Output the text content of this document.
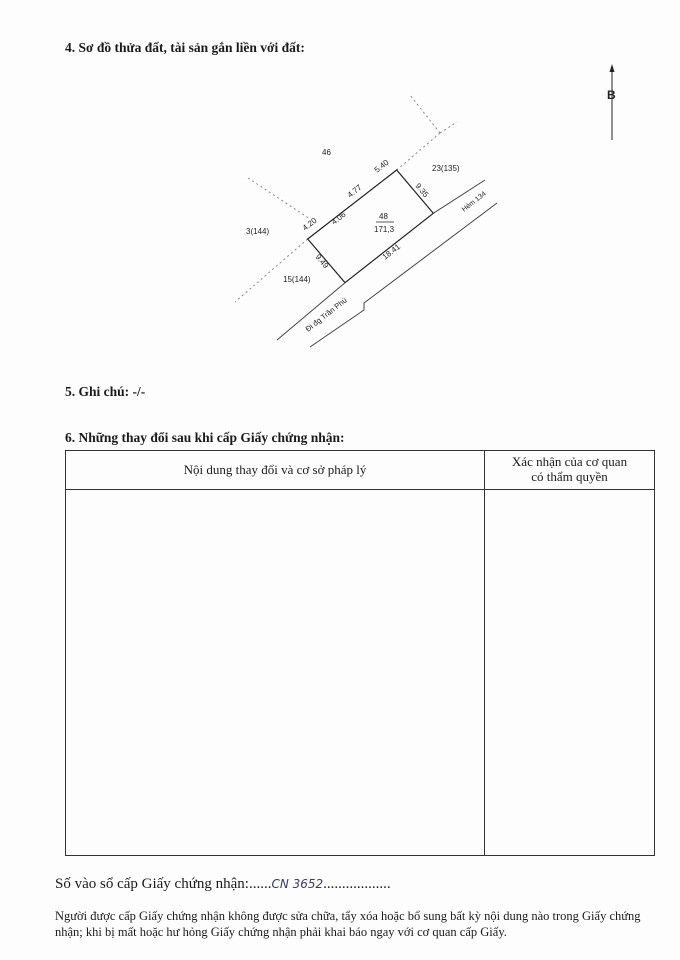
4. Sơ đồ thửa đất, tài sản gắn liền với đất:
B
46
23(135)
3(144)
15(144)
48
171,3
4.20 4.06
4.77
5.40
9.35
18.41
9.49
Hẻm 134
Đi đg Trần Phú
5. Ghi chú: -/-
6. Những thay đổi sau khi cấp Giấy chứng nhận:
Nội dung thay đổi và cơ sở pháp lý	Xác nhận của cơ quan
có thẩm quyền

Số vào sổ cấp Giấy chứng nhận:......CN 3652..................
Người được cấp Giấy chứng nhận không được sửa chữa, tẩy xóa hoặc bổ sung bất kỳ nội dung nào trong Giấy chứng nhận; khi bị mất hoặc hư hỏng Giấy chứng nhận phải khai báo ngay với cơ quan cấp Giấy.
